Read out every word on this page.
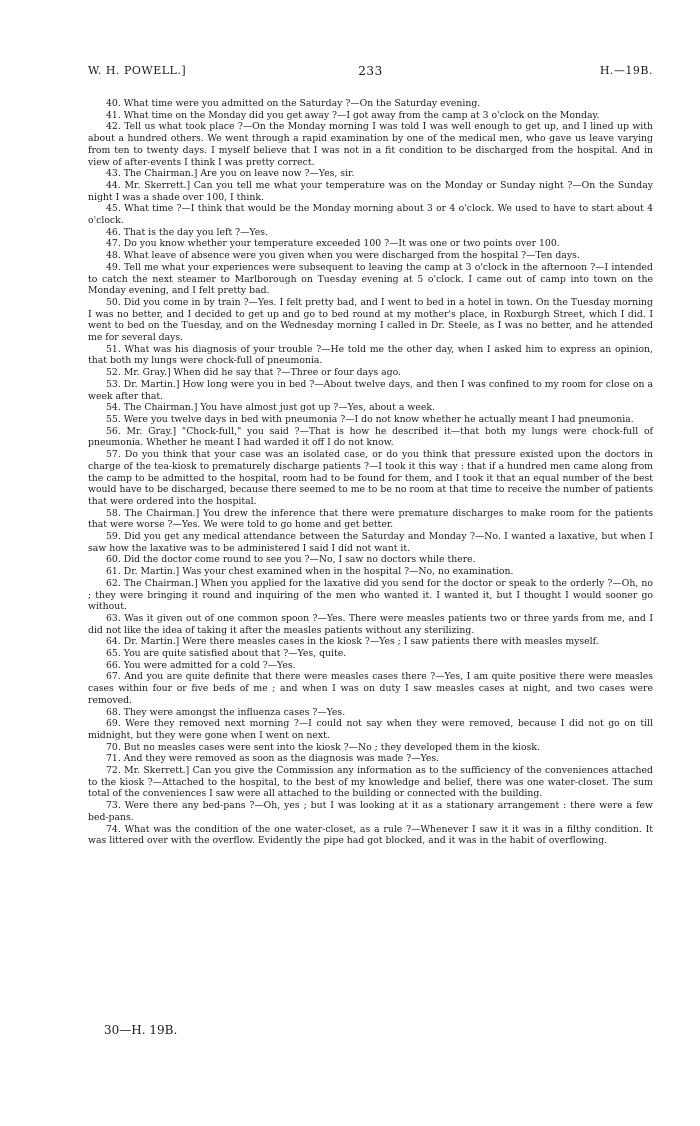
W. H. POWELL.]	233	H.—19B.

40. What time were you admitted on the Saturday ?—On the Saturday evening.

41. What time on the Monday did you get away ?—I got away from the camp at 3 o'clock on the Monday.

42. Tell us what took place ?—On the Monday morning I was told I was well enough to get up, and I lined up with about a hundred others. We went through a rapid examination by one of the medical men, who gave us leave varying from ten to twenty days. I myself believe that I was not in a fit condition to be discharged from the hospital. And in view of after-events I think I was pretty correct.

43. The Chairman.] Are you on leave now ?—Yes, sir.

44. Mr. Skerrett.] Can you tell me what your temperature was on the Monday or Sunday night ?—On the Sunday night I was a shade over 100, I think.

45. What time ?—I think that would be the Monday morning about 3 or 4 o'clock. We used to have to start about 4 o'clock.

46. That is the day you left ?—Yes.

47. Do you know whether your temperature exceeded 100 ?—It was one or two points over 100.

48. What leave of absence were you given when you were discharged from the hospital ?—Ten days.

49. Tell me what your experiences were subsequent to leaving the camp at 3 o'clock in the afternoon ?—I intended to catch the next steamer to Marlborough on Tuesday evening at 5 o'clock. I came out of camp into town on the Monday evening, and I felt pretty bad.

50. Did you come in by train ?—Yes. I felt pretty bad, and I went to bed in a hotel in town. On the Tuesday morning I was no better, and I decided to get up and go to bed round at my mother's place, in Roxburgh Street, which I did. I went to bed on the Tuesday, and on the Wednesday morning I called in Dr. Steele, as I was no better, and he attended me for several days.

51. What was his diagnosis of your trouble ?—He told me the other day, when I asked him to express an opinion, that both my lungs were chock-full of pneumonia.

52. Mr. Gray.] When did he say that ?—Three or four days ago.

53. Dr. Martin.] How long were you in bed ?—About twelve days, and then I was confined to my room for close on a week after that.

54. The Chairman.] You have almost just got up ?—Yes, about a week.

55. Were you twelve days in bed with pneumonia ?—I do not know whether he actually meant I had pneumonia.

56. Mr. Gray.] "Chock-full," you said ?—That is how he described it—that both my lungs were chock-full of pneumonia. Whether he meant I had warded it off I do not know.

57. Do you think that your case was an isolated case, or do you think that pressure existed upon the doctors in charge of the tea-kiosk to prematurely discharge patients ?—I took it this way : that if a hundred men came along from the camp to be admitted to the hospital, room had to be found for them, and I took it that an equal number of the best would have to be discharged, because there seemed to me to be no room at that time to receive the number of patients that were ordered into the hospital.

58. The Chairman.] You drew the inference that there were premature discharges to make room for the patients that were worse ?—Yes. We were told to go home and get better.

59. Did you get any medical attendance between the Saturday and Monday ?—No. I wanted a laxative, but when I saw how the laxative was to be administered I said I did not want it.

60. Did the doctor come round to see you ?—No, I saw no doctors while there.

61. Dr. Martin.] Was your chest examined when in the hospital ?—No, no examination.

62. The Chairman.] When you applied for the laxative did you send for the doctor or speak to the orderly ?—Oh, no ; they were bringing it round and inquiring of the men who wanted it. I wanted it, but I thought I would sooner go without.

63. Was it given out of one common spoon ?—Yes. There were measles patients two or three yards from me, and I did not like the idea of taking it after the measles patients without any sterilizing.

64. Dr. Martin.] Were there measles cases in the kiosk ?—Yes ; I saw patients there with measles myself.

65. You are quite satisfied about that ?—Yes, quite.

66. You were admitted for a cold ?—Yes.

67. And you are quite definite that there were measles cases there ?—Yes, I am quite positive there were measles cases within four or five beds of me ; and when I was on duty I saw measles cases at night, and two cases were removed.

68. They were amongst the influenza cases ?—Yes.

69. Were they removed next morning ?—I could not say when they were removed, because I did not go on till midnight, but they were gone when I went on next.

70. But no measles cases were sent into the kiosk ?—No ; they developed them in the kiosk.

71. And they were removed as soon as the diagnosis was made ?—Yes.

72. Mr. Skerrett.] Can you give the Commission any information as to the sufficiency of the conveniences attached to the kiosk ?—Attached to the hospital, to the best of my knowledge and belief, there was one water-closet. The sum total of the conveniences I saw were all attached to the building or connected with the building.

73. Were there any bed-pans ?—Oh, yes ; but I was looking at it as a stationary arrangement : there were a few bed-pans.

74. What was the condition of the one water-closet, as a rule ?—Whenever I saw it it was in a filthy condition. It was littered over with the overflow. Evidently the pipe had got blocked, and it was in the habit of overflowing.

30—H. 19B.
